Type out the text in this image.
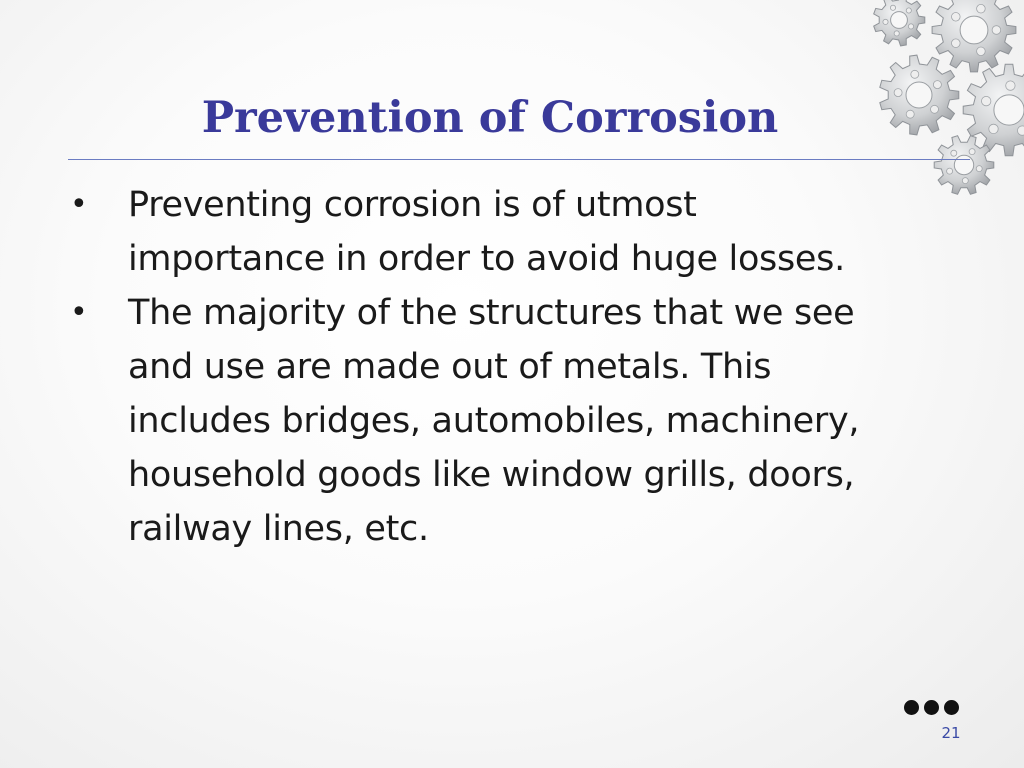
Prevention of Corrosion
•	Preventing corrosion is of utmost importance in order to avoid huge losses.
•	The majority of the structures that we see and use are made out of metals. This includes bridges, automobiles, machinery, household goods like window grills, doors, railway lines, etc.
21
